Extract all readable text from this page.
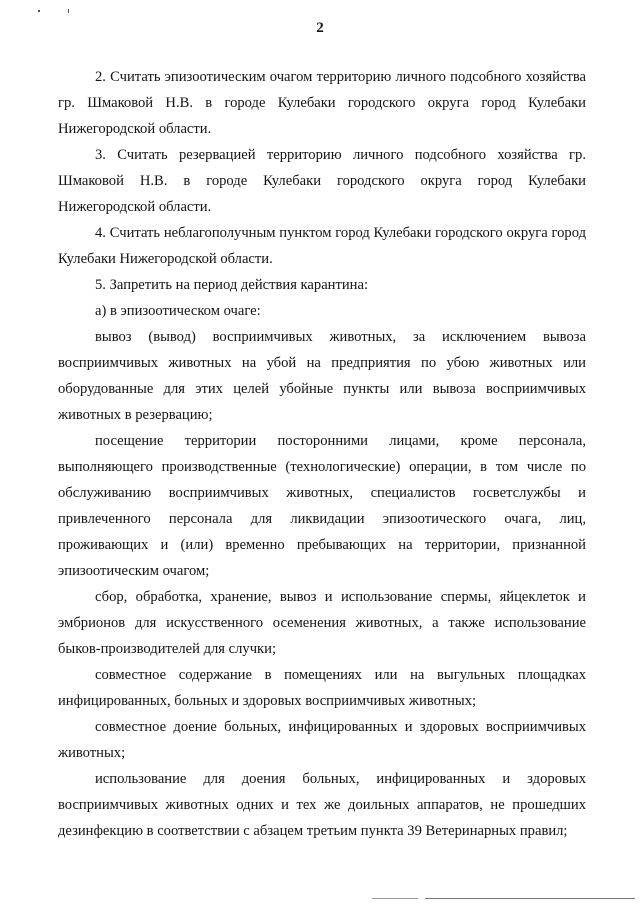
2

2. Считать эпизоотическим очагом территорию личного подсобного хозяйства гр. Шмаковой Н.В. в городе Кулебаки городского округа город Кулебаки Нижегородской области.

3. Считать резервацией территорию личного подсобного хозяйства гр. Шмаковой Н.В. в городе Кулебаки городского округа город Кулебаки Нижегородской области.

4. Считать неблагополучным пунктом город Кулебаки городского округа город Кулебаки Нижегородской области.

5. Запретить на период действия карантина:

а) в эпизоотическом очаге:

вывоз (вывод) восприимчивых животных, за исключением вывоза восприимчивых животных на убой на предприятия по убою животных или оборудованные для этих целей убойные пункты или вывоза восприимчивых животных в резервацию;

посещение территории посторонними лицами, кроме персонала, выполняющего производственные (технологические) операции, в том числе по обслуживанию восприимчивых животных, специалистов госветслужбы и привлеченного персонала для ликвидации эпизоотического очага, лиц, проживающих и (или) временно пребывающих на территории, признанной эпизоотическим очагом;

сбор, обработка, хранение, вывоз и использование спермы, яйцеклеток и эмбрионов для искусственного осеменения животных, а также использование быков-производителей для случки;

совместное содержание в помещениях или на выгульных площадках инфицированных, больных и здоровых восприимчивых животных;

совместное доение больных, инфицированных и здоровых восприимчивых животных;

использование для доения больных, инфицированных и здоровых восприимчивых животных одних и тех же доильных аппаратов, не прошедших дезинфекцию в соответствии с абзацем третьим пункта 39 Ветеринарных правил;
